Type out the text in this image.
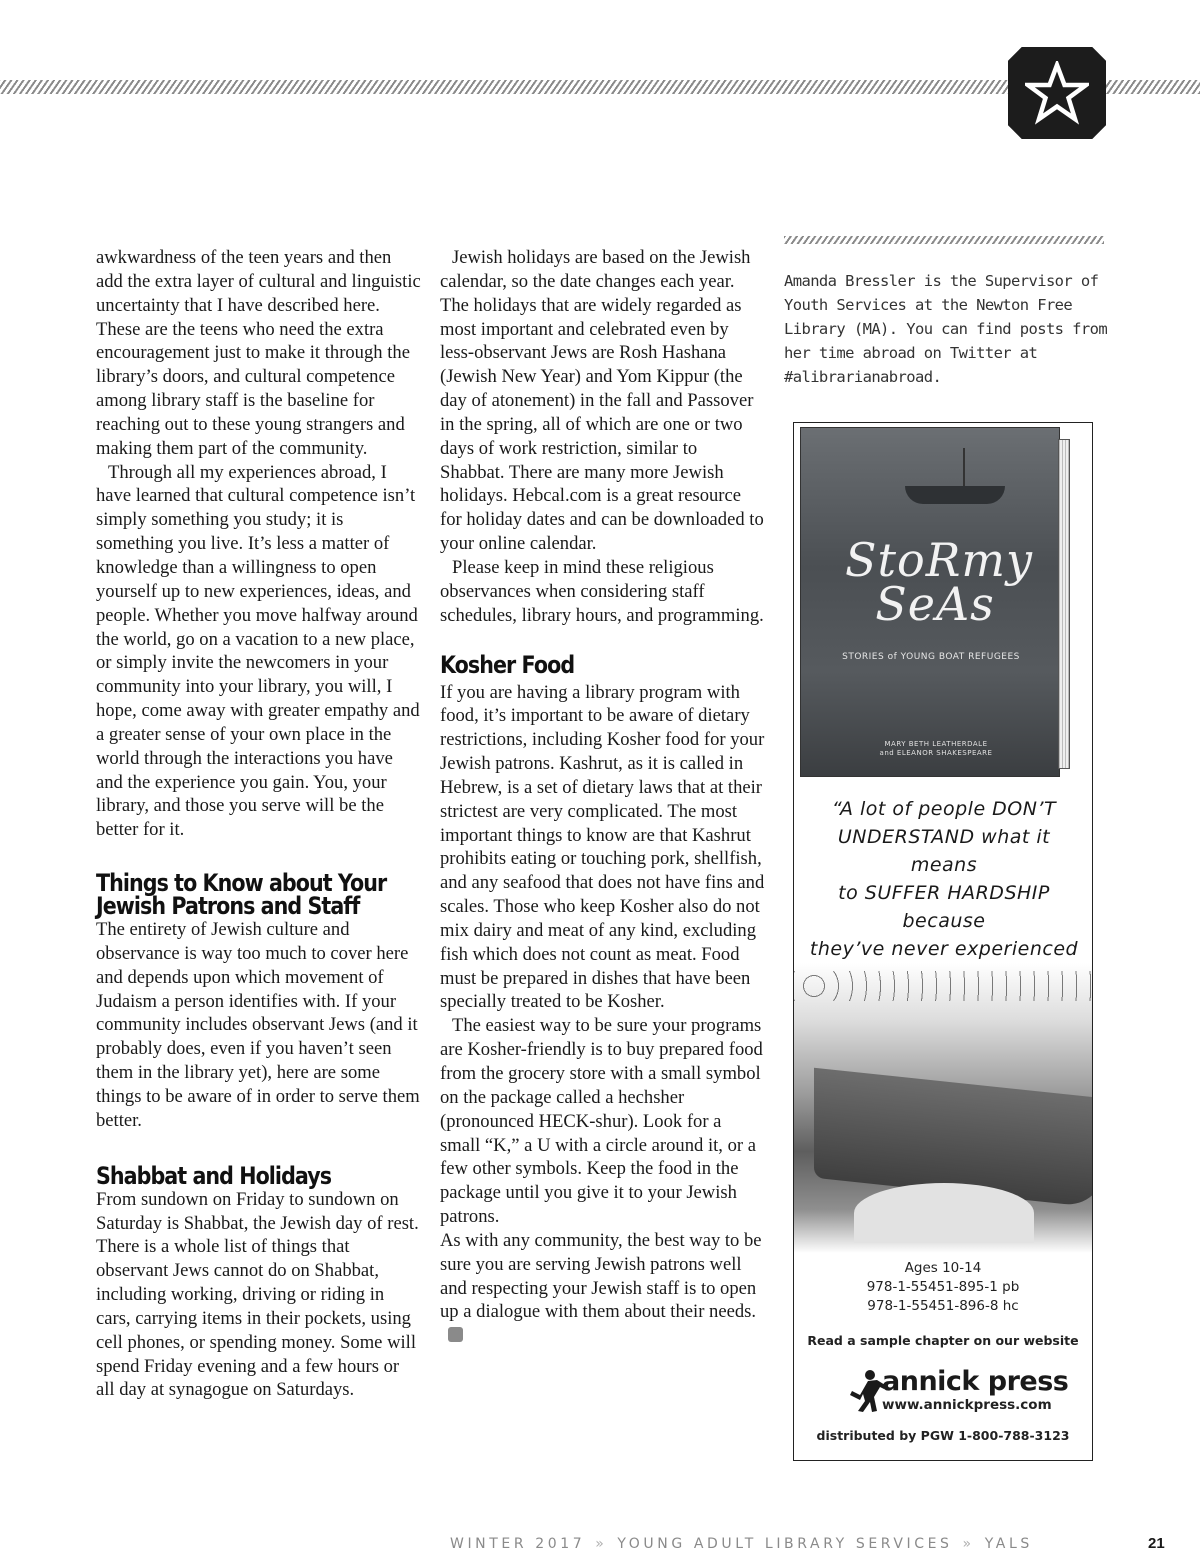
awkwardness of the teen years and then add the extra layer of cultural and linguistic uncertainty that I have described here. These are the teens who need the extra encouragement just to make it through the library’s doors, and cultural competence among library staff is the baseline for reaching out to these young strangers and making them part of the community.

Through all my experiences abroad, I have learned that cultural competence isn’t simply something you study; it is something you live. It’s less a matter of knowledge than a willingness to open yourself up to new experiences, ideas, and people. Whether you move halfway around the world, go on a vacation to a new place, or simply invite the newcomers in your community into your library, you will, I hope, come away with greater empathy and a greater sense of your own place in the world through the interactions you have and the experience you gain. You, your library, and those you serve will be the better for it.

Things to Know about Your

Jewish Patrons and Staff

The entirety of Jewish culture and observance is way too much to cover here and depends upon which movement of Judaism a person identifies with. If your community includes observant Jews (and it probably does, even if you haven’t seen them in the library yet), here are some things to be aware of in order to serve them better.

Shabbat and Holidays

From sundown on Friday to sundown on Saturday is Shabbat, the Jewish day of rest. There is a whole list of things that observant Jews cannot do on Shabbat, including working, driving or riding in cars, carrying items in their pockets, using cell phones, or spending money. Some will spend Friday evening and a few hours or all day at synagogue on Saturdays.

Jewish holidays are based on the Jewish calendar, so the date changes each year. The holidays that are widely regarded as most important and celebrated even by less-observant Jews are Rosh Hashana (Jewish New Year) and Yom Kippur (the day of atonement) in the fall and Passover in the spring, all of which are one or two days of work restriction, similar to Shabbat. There are many more Jewish holidays. Hebcal.com is a great resource for holiday dates and can be downloaded to your online calendar.

Please keep in mind these religious observances when considering staff schedules, library hours, and programming.

Kosher Food

If you are having a library program with food, it’s important to be aware of dietary restrictions, including Kosher food for your Jewish patrons. Kashrut, as it is called in Hebrew, is a set of dietary laws that at their strictest are very complicated. The most important things to know are that Kashrut prohibits eating or touching pork, shellfish, and any seafood that does not have fins and scales. Those who keep Kosher also do not mix dairy and meat of any kind, excluding fish which does not count as meat. Food must be prepared in dishes that have been specially treated to be Kosher.

The easiest way to be sure your programs are Kosher-friendly is to buy prepared food from the grocery store with a small symbol on the package called a hechsher (pronounced HECK-shur). Look for a small “K,” a U with a circle around it, or a few other symbols. Keep the food in the package until you give it to your Jewish patrons.

As with any community, the best way to be sure you are serving Jewish patrons well and respecting your Jewish staff is to open up a dialogue with them about their needs.

Amanda Bressler is the Supervisor of Youth Services at the Newton Free Library (MA). You can find posts from her time abroad on Twitter at #alibrarianabroad.
StoRmy
SeAs
STORIES of YOUNG BOAT REFUGEES
MARY BETH LEATHERDALE
and ELEANOR SHAKESPEARE
“A lot of people DON’T
UNDERSTAND what it means
to SUFFER HARDSHIP because
they’ve never experienced
Ages 10-14
978-1-55451-895-1 pb
978-1-55451-896-8 hc
Read a sample chapter on our website
annick press
www.annickpress.com
distributed by PGW 1-800-788-3123
WINTER 2017 » YOUNG ADULT LIBRARY SERVICES » YALS	21
